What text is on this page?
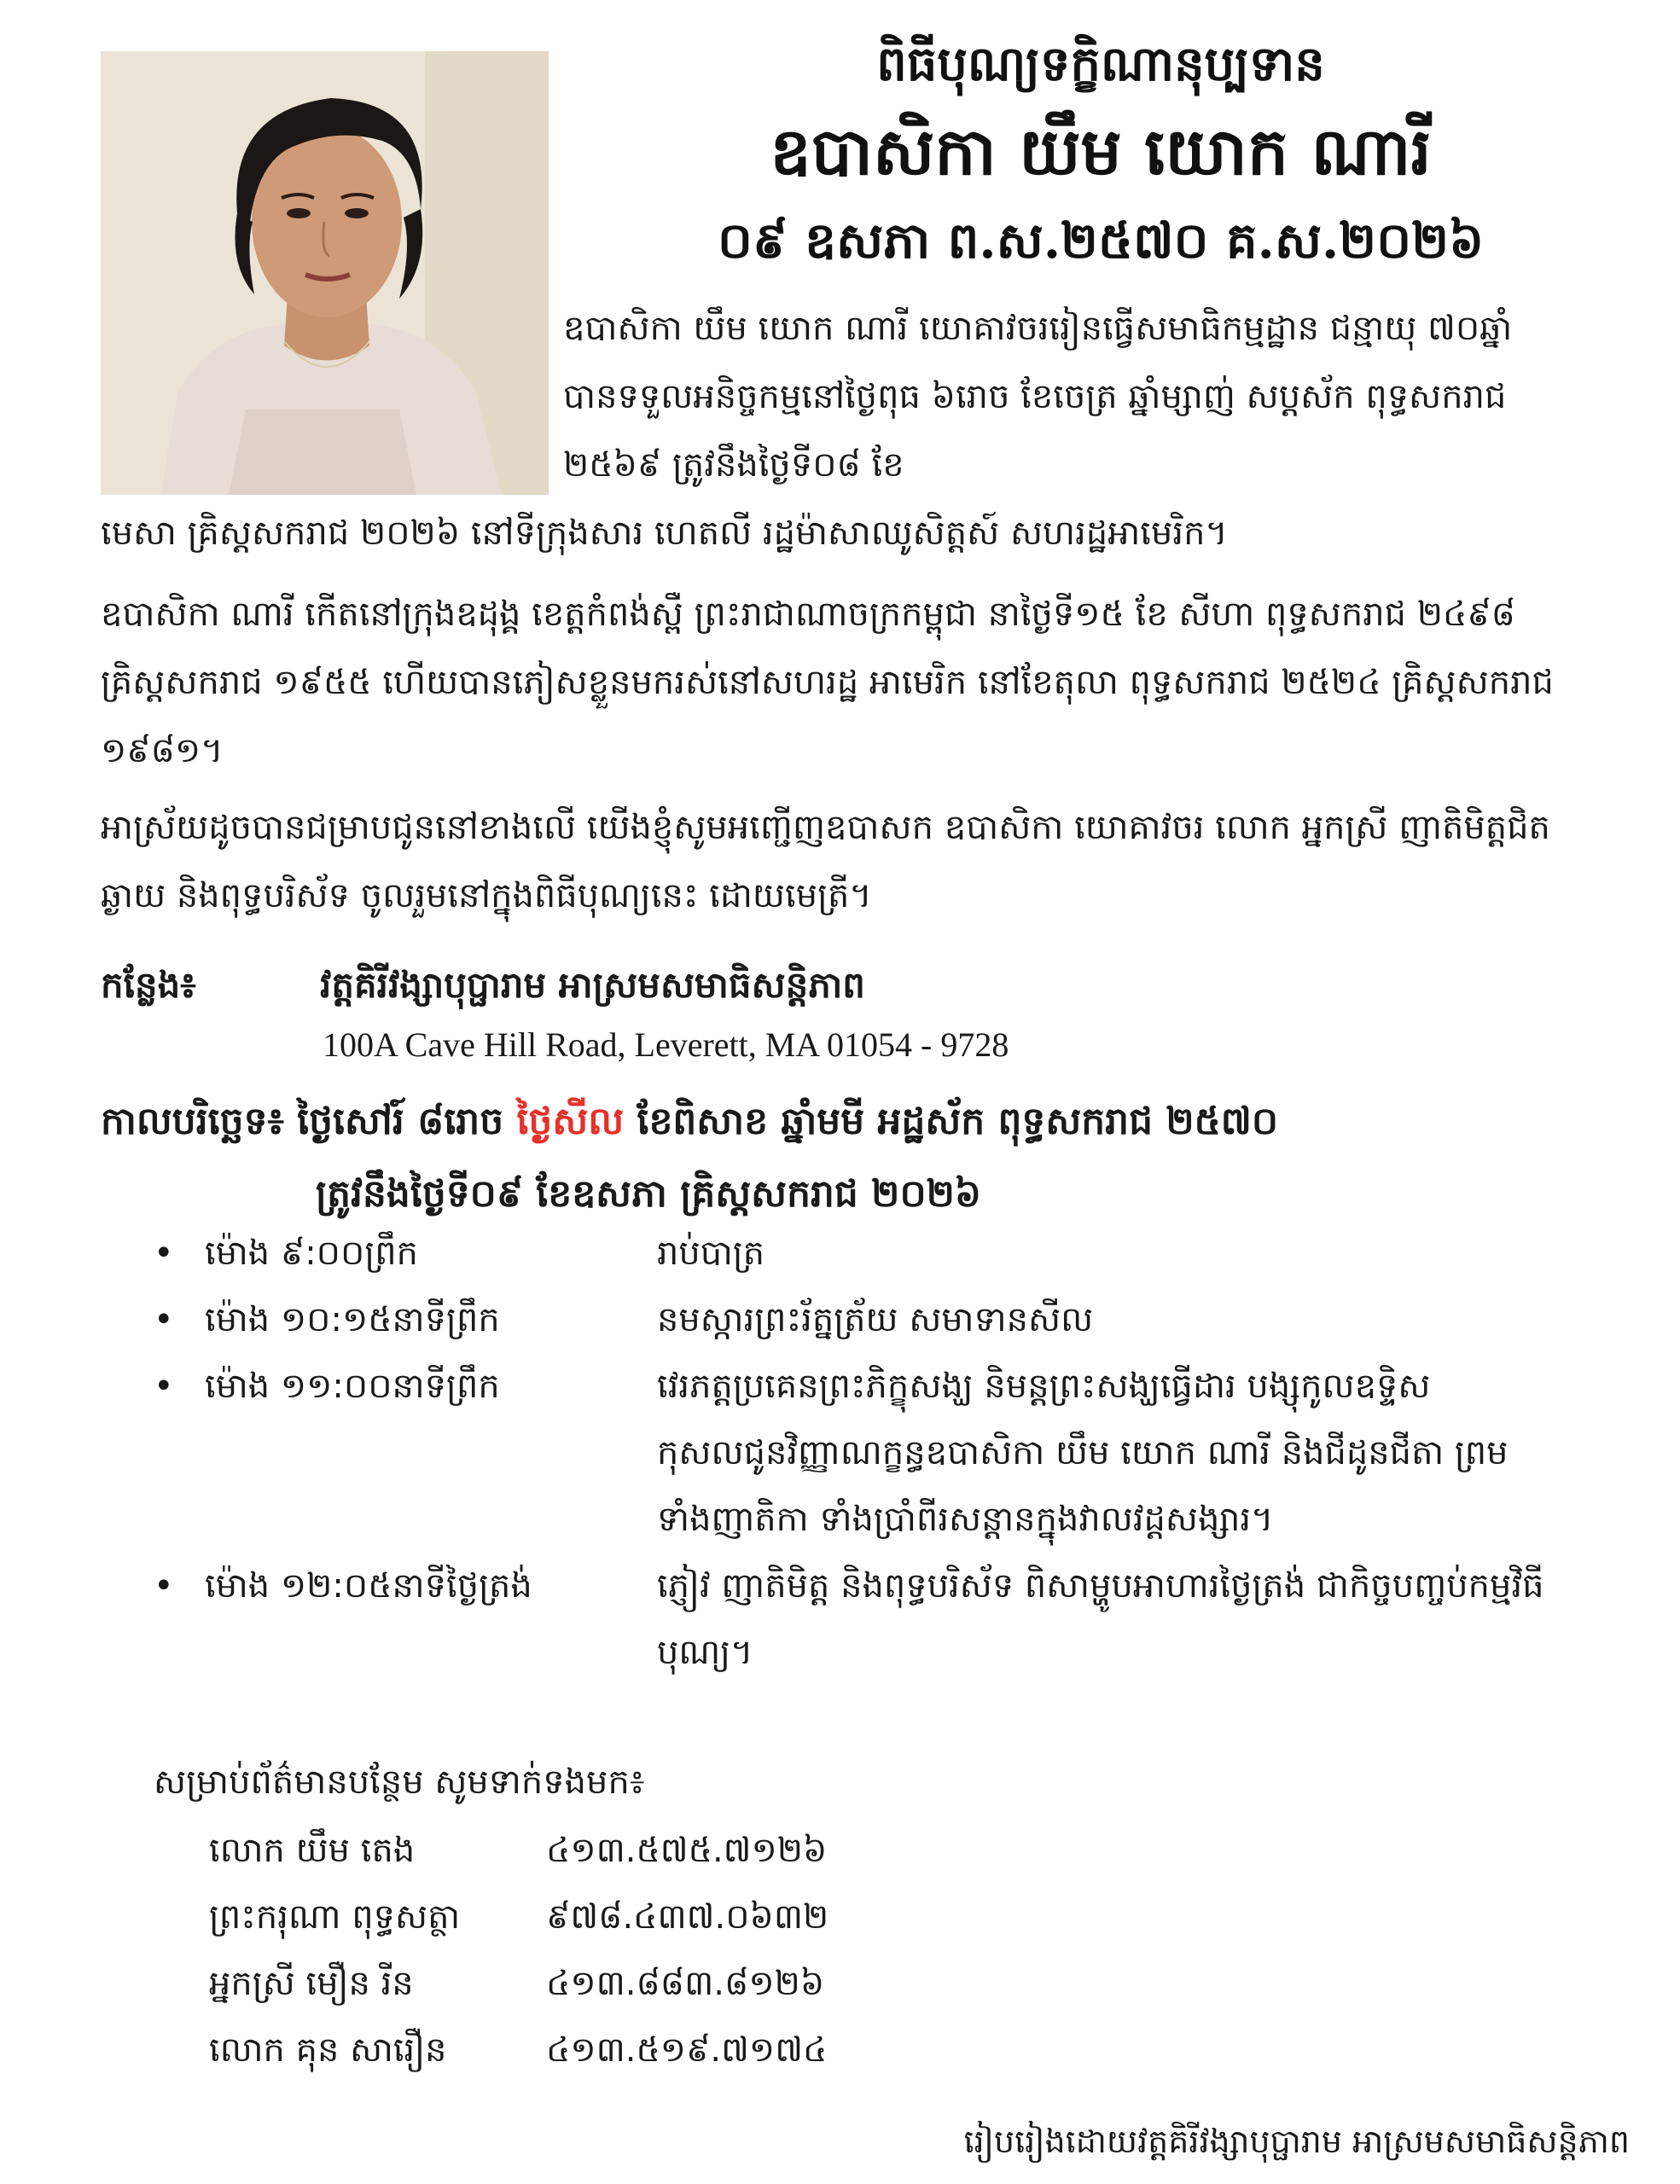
ពិធីបុណ្យទក្ខិណានុប្បទាន
ឧបាសិកា យឹម យោក ណារី
០៩ ឧសភា ព.ស.២៥៧០ គ.ស.២០២៦
ឧបាសិកា យឹម យោក ណារី យោគាវចររៀនធ្វើសមាធិកម្មដ្ឋាន ជន្មាយុ ៧០ឆ្នាំ បានទទួលអនិច្ចកម្មនៅថ្ងៃពុធ ៦រោច ខែចេត្រ ឆ្នាំម្សាញ់ សប្តស័ក ពុទ្ធសករាជ ២៥៦៩ ត្រូវនឹងថ្ងៃទី០៨ ខែ
មេសា គ្រិស្តសករាជ ២០២៦ នៅទីក្រុងសារ ហេតលី រដ្ឋម៉ាសាឈូសិត្តស៍ សហរដ្ឋអាមេរិក។
ឧបាសិកា ណារី កើតនៅក្រុងឧដុង្គ ខេត្តកំពង់ស្ពឺ ព្រះរាជាណាចក្រកម្ពុជា នាថ្ងៃទី១៥ ខែ សីហា ពុទ្ធសករាជ ២៤៩៨ គ្រិស្តសករាជ ១៩៥៥ ហើយបានភៀសខ្លួនមករស់នៅសហរដ្ឋ អាមេរិក នៅខែតុលា ពុទ្ធសករាជ ២៥២៤ គ្រិស្តសករាជ ១៩៨១។
អាស្រ័យដូចបានជម្រាបជូននៅខាងលើ យើងខ្ញុំសូមអញ្ជើញឧបាសក ឧបាសិកា យោគាវចរ លោក អ្នកស្រី ញាតិមិត្តជិតឆ្ងាយ និងពុទ្ធបរិស័ទ ចូលរួមនៅក្នុងពិធីបុណ្យនេះ ដោយមេត្រី។
កន្លែង៖	វត្តគិរីវង្សាបុប្ផារាម អាស្រមសមាធិសន្តិភាព
100A Cave Hill Road, Leverett, MA 01054 - 9728
កាលបរិច្ឆេទ៖ ថ្ងៃសៅរ៍ ៨រោច ថ្ងៃសីល ខែពិសាខ ឆ្នាំមមី អដ្ឋស័ក ពុទ្ធសករាជ ២៥៧០
ត្រូវនឹងថ្ងៃទី០៩ ខែឧសភា គ្រិស្តសករាជ ២០២៦
• ម៉ោង ៩:០០ព្រឹក	រាប់បាត្រ
• ម៉ោង ១០:១៥នាទីព្រឹក	នមស្ការព្រះរ័ត្នត្រ័យ សមាទានសីល
• ម៉ោង ១១:០០នាទីព្រឹក	វេរភត្តប្រគេនព្រះភិក្ខុសង្ឃ និមន្តព្រះសង្ឃធ្វើដារ បង្សុកូលឧទ្ទិសកុសលជូនវិញ្ញាណក្ខន្ធឧបាសិកា យឹម យោក ណារី និងជីដូនជីតា ព្រមទាំងញាតិកា ទាំងប្រាំពីរសន្តានក្នុងវាលវដ្តសង្សារ។
• ម៉ោង ១២:០៥នាទីថ្ងៃត្រង់	ភ្ញៀវ ញាតិមិត្ត និងពុទ្ធបរិស័ទ ពិសាម្ហូបអាហារថ្ងៃត្រង់ ជាកិច្ចបញ្ចប់កម្មវិធីបុណ្យ។
សម្រាប់ព័ត៌មានបន្ថែម សូមទាក់ទងមក៖
លោក យឹម តេង	៤១៣.៥៧៥.៧១២៦
ព្រះករុណា ពុទ្ធសត្ថា	៩៧៨.៤៣៧.០៦៣២
អ្នកស្រី មឿន រីន	៤១៣.៨៨៣.៨១២៦
លោក គុន សារឿន	៤១៣.៥១៩.៧១៧៤
រៀបរៀងដោយវត្តគិរីវង្សាបុប្ផារាម អាស្រមសមាធិសន្តិភាព
